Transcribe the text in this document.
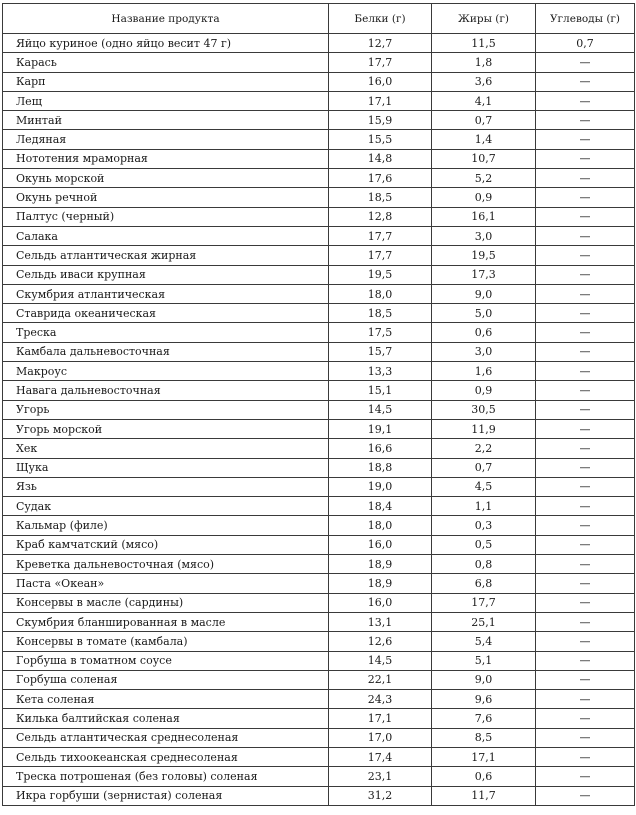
Название продукта	Белки (г)	Жиры (г)	Углеводы (г)
Яйцо куриное (одно яйцо весит 47 г)	12,7	11,5	0,7
Карась	17,7	1,8	—
Карп	16,0	3,6	—
Лещ	17,1	4,1	—
Минтай	15,9	0,7	—
Ледяная	15,5	1,4	—
Нототения мраморная	14,8	10,7	—
Окунь морской	17,6	5,2	—
Окунь речной	18,5	0,9	—
Палтус (черный)	12,8	16,1	—
Салака	17,7	3,0	—
Сельдь атлантическая жирная	17,7	19,5	—
Сельдь иваси крупная	19,5	17,3	—
Скумбрия атлантическая	18,0	9,0	—
Ставрида океаническая	18,5	5,0	—
Треска	17,5	0,6	—
Камбала дальневосточная	15,7	3,0	—
Макроус	13,3	1,6	—
Навага дальневосточная	15,1	0,9	—
Угорь	14,5	30,5	—
Угорь морской	19,1	11,9	—
Хек	16,6	2,2	—
Щука	18,8	0,7	—
Язь	19,0	4,5	—
Судак	18,4	1,1	—
Кальмар (филе)	18,0	0,3	—
Краб камчатский (мясо)	16,0	0,5	—
Креветка дальневосточная (мясо)	18,9	0,8	—
Паста «Океан»	18,9	6,8	—
Консервы в масле (сардины)	16,0	17,7	—
Скумбрия бланшированная в масле	13,1	25,1	—
Консервы в томате (камбала)	12,6	5,4	—
Горбуша в томатном соусе	14,5	5,1	—
Горбуша соленая	22,1	9,0	—
Кета соленая	24,3	9,6	—
Килька балтийская соленая	17,1	7,6	—
Сельдь атлантическая среднесоленая	17,0	8,5	—
Сельдь тихоокеанская среднесоленая	17,4	17,1	—
Треска потрошеная (без головы) соленая	23,1	0,6	—
Икра горбуши (зернистая) соленая	31,2	11,7	—
